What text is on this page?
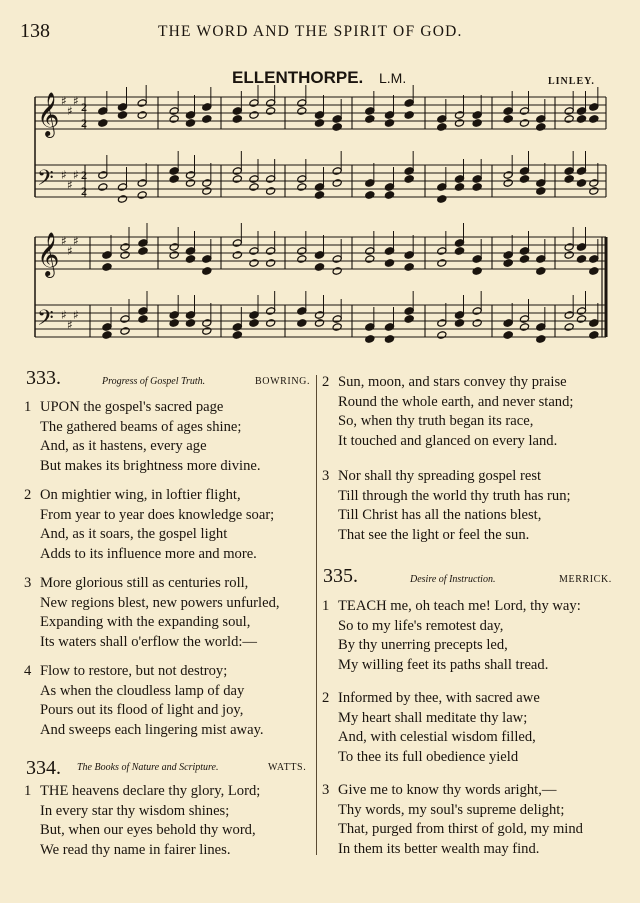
138	THE WORD AND THE SPIRIT OF GOD.
ELLENTHORPE. L.M.	LINLEY.
𝄞 ♯
♯
♯ 2
2
𝄢 ♯
♯
♯ 2
2
𝄞 ♯
♯
♯
𝄢 ♯
♯
♯
333.	Progress of Gospel Truth.	BOWRING.
1 UPON the gospel's sacred page
The gathered beams of ages shine;
And, as it hastens, every age
But makes its brightness more divine.
2 On mightier wing, in loftier flight,
From year to year does knowledge soar;
And, as it soars, the gospel light
Adds to its influence more and more.
3 More glorious still as centuries roll,
New regions blest, new powers unfurled,
Expanding with the expanding soul,
Its waters shall o'erflow the world:—
4 Flow to restore, but not destroy;
As when the cloudless lamp of day
Pours out its flood of light and joy,
And sweeps each lingering mist away.
334. The Books of Nature and Scripture.	WATTS.
1 THE heavens declare thy glory, Lord;
In every star thy wisdom shines;
But, when our eyes behold thy word,
We read thy name in fairer lines.
2 Sun, moon, and stars convey thy praise
Round the whole earth, and never stand;
So, when thy truth began its race,
It touched and glanced on every land.
3 Nor shall thy spreading gospel rest
Till through the world thy truth has run;
Till Christ has all the nations blest,
That see the light or feel the sun.
335.	Desire of Instruction.	MERRICK.
1 TEACH me, oh teach me! Lord, thy way:
So to my life's remotest day,
By thy unerring precepts led,
My willing feet its paths shall tread.
2 Informed by thee, with sacred awe
My heart shall meditate thy law;
And, with celestial wisdom filled,
To thee its full obedience yield
3 Give me to know thy words aright,—
Thy words, my soul's supreme delight;
That, purged from thirst of gold, my mind
In them its better wealth may find.
